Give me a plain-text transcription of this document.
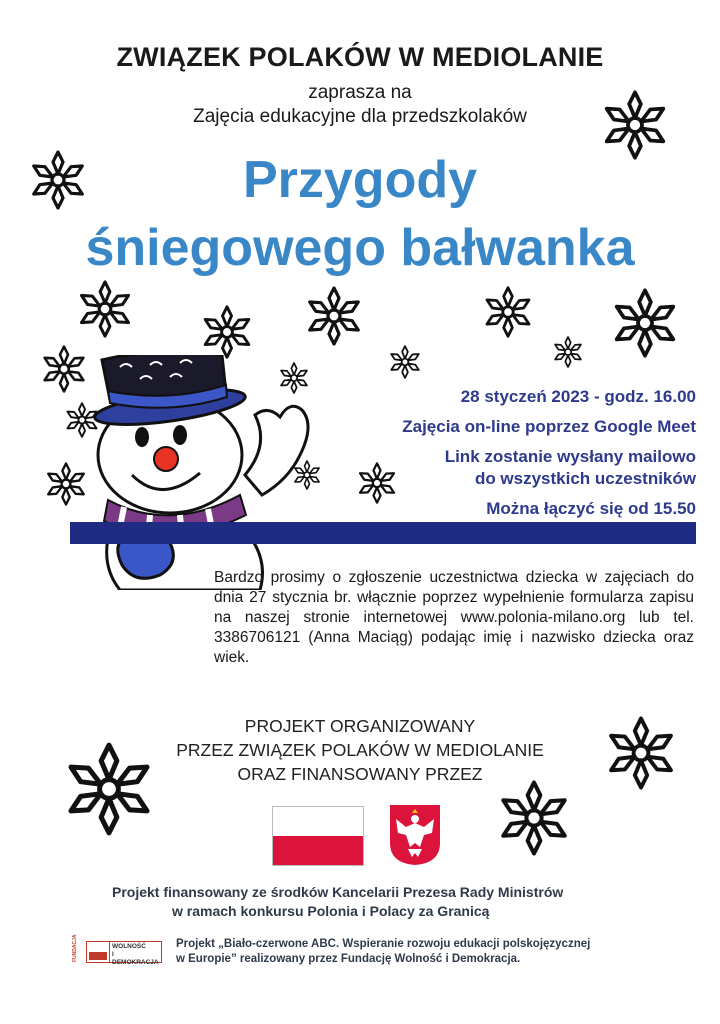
ZWIĄZEK POLAKÓW W MEDIOLANIE
zaprasza na
Zajęcia edukacyjne dla przedszkolaków
Przygody
śniegowego bałwanka
28 styczeń 2023 - godz. 16.00
Zajęcia on-line poprzez Google Meet
Link zostanie wysłany mailowo
do wszystkich uczestników
Można łączyć się od 15.50
Bardzo prosimy o zgłoszenie uczestnictwa dziecka w zajęciach do dnia 27 stycznia br. włącznie poprzez wypełnienie formularza zapisu na naszej stronie internetowej www.polonia-milano.org lub tel. 3386706121 (Anna Maciąg) podając imię i nazwisko dziecka oraz wiek.
PROJEKT ORGANIZOWANY
PRZEZ ZWIĄZEK POLAKÓW W MEDIOLANIE
ORAZ FINANSOWANY PRZEZ
Projekt finansowany ze środków Kancelarii Prezesa Rady Ministrów
w ramach konkursu Polonia i Polacy za Granicą
WOLNOŚĆ
I DEMOKRACJA
FUNDACJA	Projekt „Biało-czerwone ABC. Wspieranie rozwoju edukacji polskojęzycznej
w Europie” realizowany przez Fundację Wolność i Demokracja.
